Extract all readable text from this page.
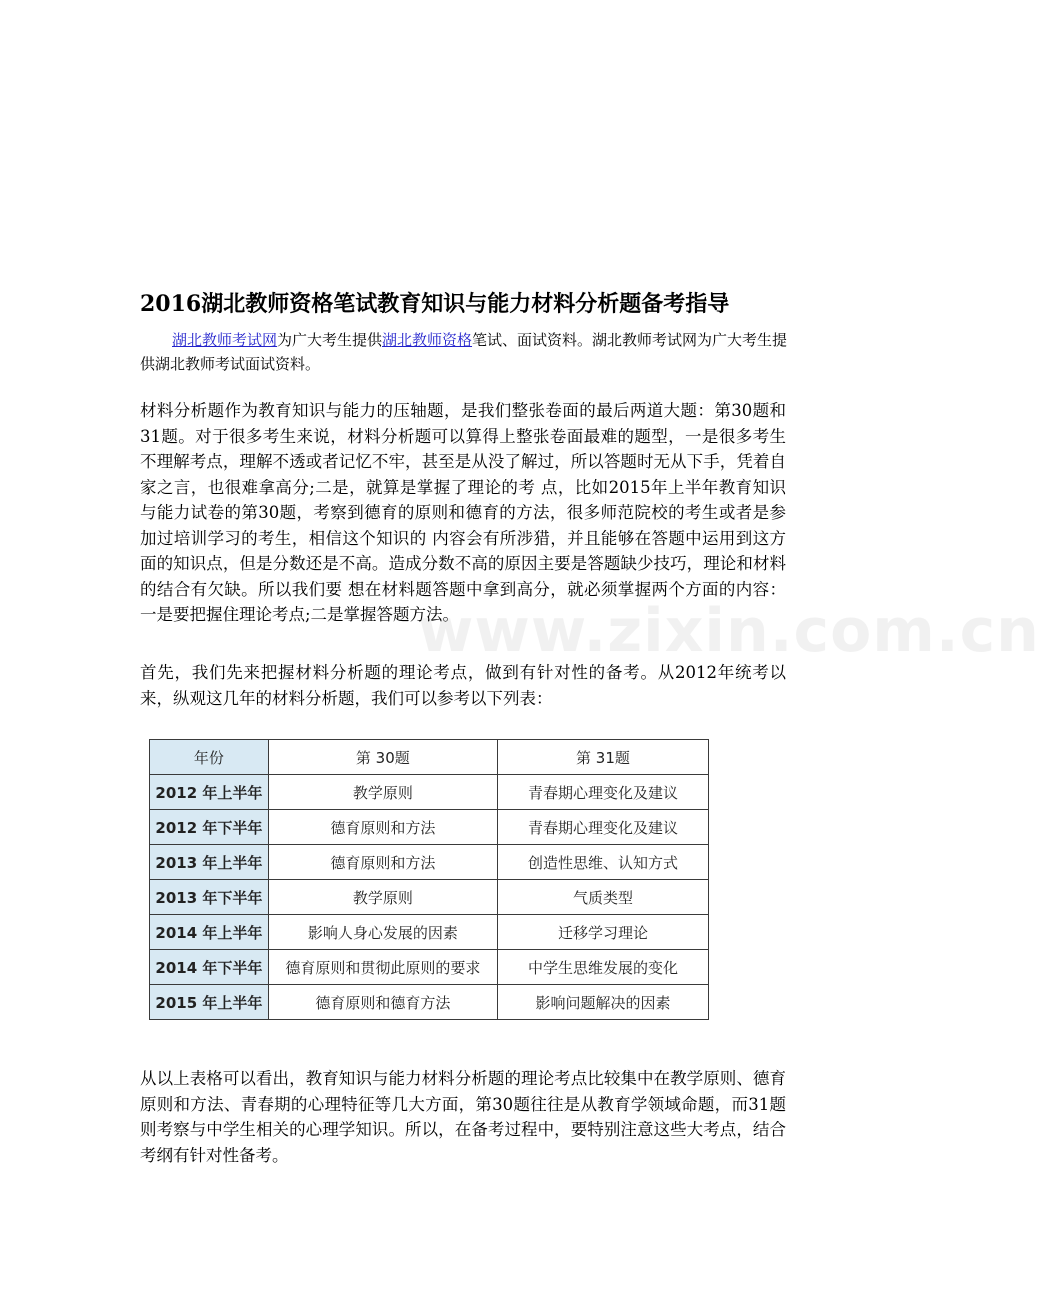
2016湖北教师资格笔试教育知识与能力材料分析题备考指导

湖北教师考试网为广大考生提供湖北教师资格笔试、面试资料。湖北教师考试网为广大考生提供湖北教师考试面试资料。

材料分析题作为教育知识与能力的压轴题，是我们整张卷面的最后两道大题：第30题和31题。对于很多考生来说，材料分析题可以算得上整张卷面最难的题型，一是很多考生不理解考点，理解不透或者记忆不牢，甚至是从没了解过，所以答题时无从下手，凭着自家之言，也很难拿高分;二是，就算是掌握了理论的考 点，比如2015年上半年教育知识与能力试卷的第30题，考察到德育的原则和德育的方法，很多师范院校的考生或者是参加过培训学习的考生，相信这个知识的 内容会有所涉猎，并且能够在答题中运用到这方面的知识点，但是分数还是不高。造成分数不高的原因主要是答题缺少技巧，理论和材料的结合有欠缺。所以我们要 想在材料题答题中拿到高分，就必须掌握两个方面的内容：一是要把握住理论考点;二是掌握答题方法。

首先，我们先来把握材料分析题的理论考点，做到有针对性的备考。从2012年统考以来，纵观这几年的材料分析题，我们可以参考以下列表：

年份	第 30题	第 31题
2012 年上半年	教学原则	青春期心理变化及建议
2012 年下半年	德育原则和方法	青春期心理变化及建议
2013 年上半年	德育原则和方法	创造性思维、认知方式
2013 年下半年	教学原则	气质类型
2014 年上半年	影响人身心发展的因素	迁移学习理论
2014 年下半年	德育原则和贯彻此原则的要求	中学生思维发展的变化
2015 年上半年	德育原则和德育方法	影响问题解决的因素

从以上表格可以看出，教育知识与能力材料分析题的理论考点比较集中在教学原则、德育原则和方法、青春期的心理特征等几大方面，第30题往往是从教育学领域命题，而31题则考察与中学生相关的心理学知识。所以，在备考过程中，要特别注意这些大考点，结合考纲有针对性备考。

www.zixin.com.cn
